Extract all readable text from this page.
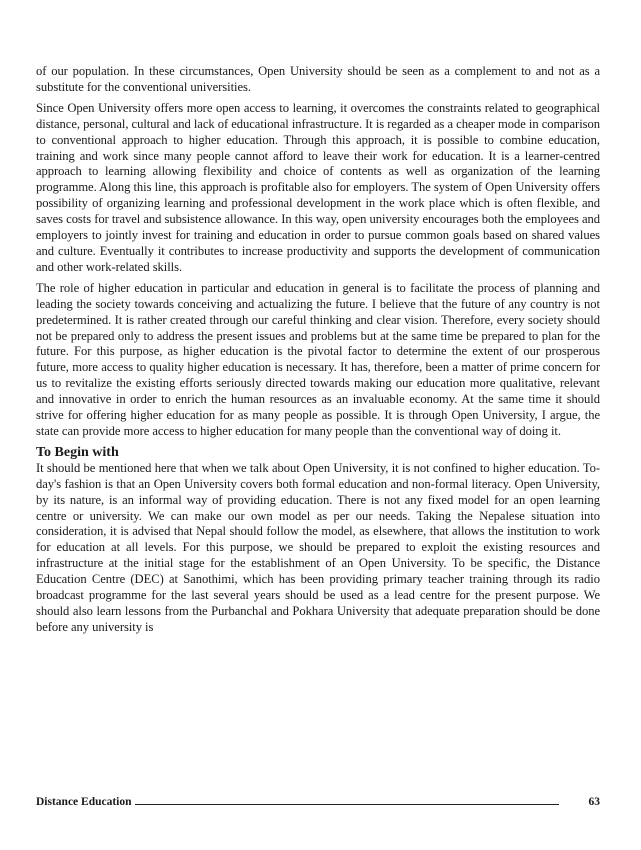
of our population. In these circumstances, Open University should be seen as a complement to and not as a substitute for the conventional universities.

Since Open University offers more open access to learning, it overcomes the constraints related to geographical distance, personal, cultural and lack of educational infrastructure. It is regarded as a cheaper mode in comparison to conventional approach to higher education. Through this approach, it is possible to combine education, training and work since many people cannot afford to leave their work for education. It is a learner-centred approach to learning allowing flexibility and choice of contents as well as organization of the learning programme. Along this line, this approach is profitable also for employers. The system of Open University offers possibility of organizing learning and professional development in the work place which is often flexible, and saves costs for travel and subsistence allowance. In this way, open university encourages both the employees and employers to jointly invest for training and education in order to pursue common goals based on shared values and culture. Eventually it contributes to increase productivity and supports the development of communication and other work-related skills.

The role of higher education in particular and education in general is to facilitate the process of planning and leading the society towards conceiving and actualizing the future. I believe that the future of any country is not predetermined. It is rather created through our careful thinking and clear vision. Therefore, every society should not be prepared only to address the present issues and problems but at the same time be prepared to plan for the future. For this purpose, as higher education is the pivotal factor to determine the extent of our prosperous future, more access to quality higher education is necessary. It has, therefore, been a matter of prime concern for us to revitalize the existing efforts seriously directed towards making our education more qualitative, relevant and innovative in order to enrich the human resources as an invaluable economy. At the same time it should strive for offering higher education for as many people as possible. It is through Open University, I argue, the state can provide more access to higher education for many people than the conventional way of doing it.

To Begin with

It should be mentioned here that when we talk about Open University, it is not confined to higher education. To-day's fashion is that an Open University covers both formal education and non-formal literacy. Open University, by its nature, is an informal way of providing education. There is not any fixed model for an open learning centre or university. We can make our own model as per our needs. Taking the Nepalese situation into consideration, it is advised that Nepal should follow the model, as elsewhere, that allows the institution to work for education at all levels. For this purpose, we should be prepared to exploit the existing resources and infrastructure at the initial stage for the establishment of an Open University. To be specific, the Distance Education Centre (DEC) at Sanothimi, which has been providing primary teacher training through its radio broadcast programme for the last several years should be used as a lead centre for the present purpose. We should also learn lessons from the Purbanchal and Pokhara University that adequate preparation should be done before any university is

Distance Education	63
